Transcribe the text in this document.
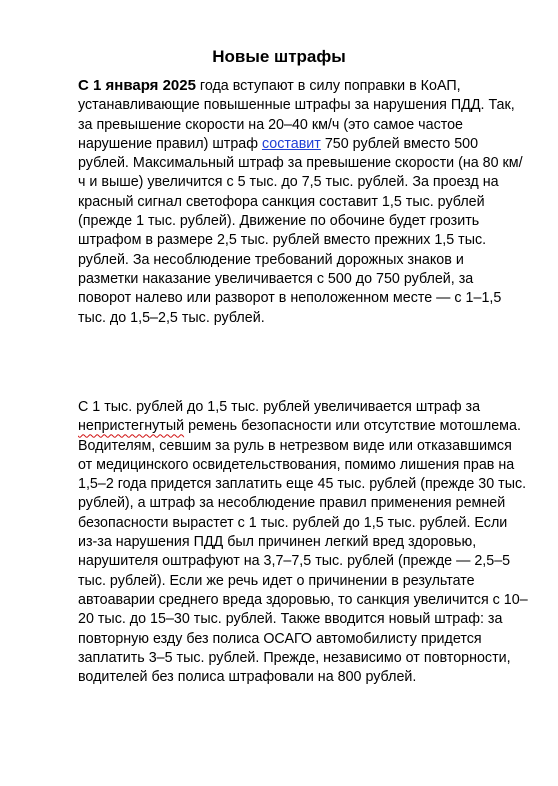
Новые штрафы

С 1 января 2025 года вступают в силу поправки в КоАП, устанавливающие повышенные штрафы за нарушения ПДД. Так, за превышение скорости на 20–40 км/ч (это самое частое нарушение правил) штраф составит 750 рублей вместо 500 рублей. Максимальный штраф за превышение скорости (на 80 км/ч и выше) увеличится с 5 тыс. до 7,5 тыс. рублей. За проезд на красный сигнал светофора санкция составит 1,5 тыс. рублей (прежде 1 тыс. рублей). Движение по обочине будет грозить штрафом в размере 2,5 тыс. рублей вместо прежних 1,5 тыс. рублей. За несоблюдение требований дорожных знаков и разметки наказание увеличивается с 500 до 750 рублей, за поворот налево или разворот в неположенном месте — с 1–1,5 тыс. до 1,5–2,5 тыс. рублей.

С 1 тыс. рублей до 1,5 тыс. рублей увеличивается штраф за непристегнутый ремень безопасности или отсутствие мотошлема. Водителям, севшим за руль в нетрезвом виде или отказавшимся от медицинского освидетельствования, помимо лишения прав на 1,5–2 года придется заплатить еще 45 тыс. рублей (прежде 30 тыс. рублей), а штраф за несоблюдение правил применения ремней безопасности вырастет с 1 тыс. рублей до 1,5 тыс. рублей. Если из-за нарушения ПДД был причинен легкий вред здоровью, нарушителя оштрафуют на 3,7–7,5 тыс. рублей (прежде — 2,5–5 тыс. рублей). Если же речь идет о причинении в результате автоаварии среднего вреда здоровью, то санкция увеличится с 10–20 тыс. до 15–30 тыс. рублей. Также вводится новый штраф: за повторную езду без полиса ОСАГО автомобилисту придется заплатить 3–5 тыс. рублей. Прежде, независимо от повторности, водителей без полиса штрафовали на 800 рублей.
